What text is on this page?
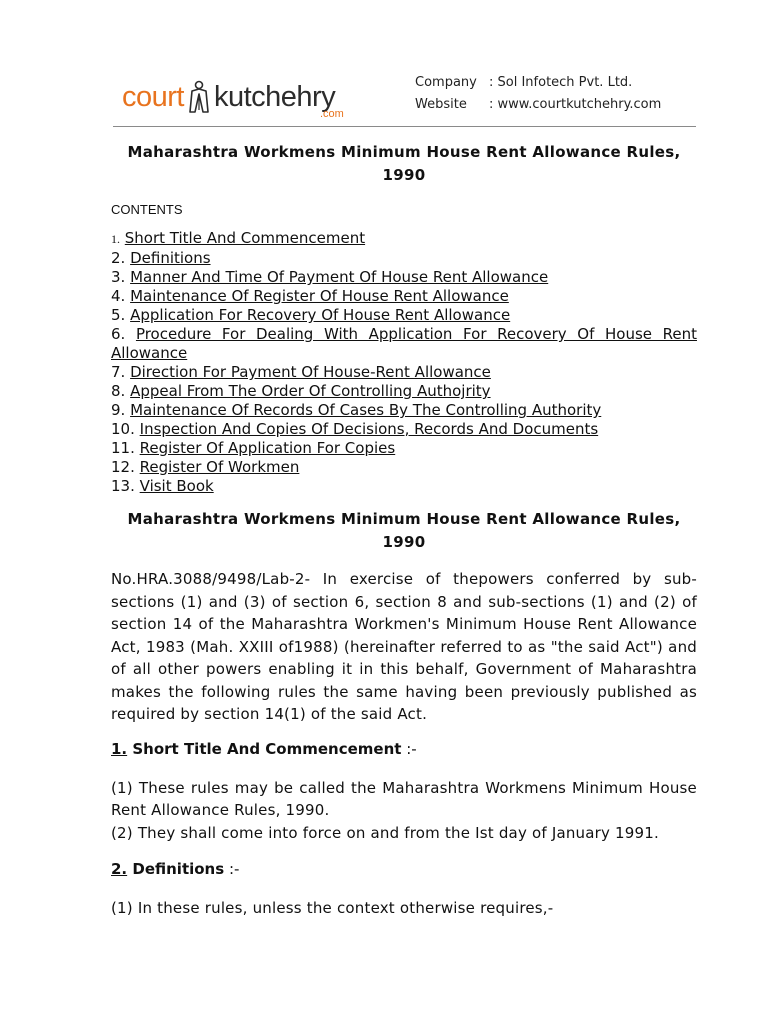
court kutchehry
.com
Company : Sol Infotech Pvt. Ltd.
Website : www.courtkutchehry.com
Maharashtra Workmens Minimum House Rent Allowance Rules, 1990
CONTENTS
1. Short Title And Commencement
2. Definitions
3. Manner And Time Of Payment Of House Rent Allowance
4. Maintenance Of Register Of House Rent Allowance
5. Application For Recovery Of House Rent Allowance
6. Procedure For Dealing With Application For Recovery Of House Rent Allowance
7. Direction For Payment Of House-Rent Allowance
8. Appeal From The Order Of Controlling Authojrity
9. Maintenance Of Records Of Cases By The Controlling Authority
10. Inspection And Copies Of Decisions, Records And Documents
11. Register Of Application For Copies
12. Register Of Workmen
13. Visit Book
Maharashtra Workmens Minimum House Rent Allowance Rules, 1990

No.HRA.3088/9498/Lab-2- In exercise of thepowers conferred by sub-sections (1) and (3) of section 6, section 8 and sub-sections (1) and (2) of section 14 of the Maharashtra Workmen's Minimum House Rent Allowance Act, 1983 (Mah. XXIII of1988) (hereinafter referred to as "the said Act") and of all other powers enabling it in this behalf, Government of Maharashtra makes the following rules the same having been previously published as required by section 14(1) of the said Act.

1. Short Title And Commencement :-

(1) These rules may be called the Maharashtra Workmens Minimum House Rent Allowance Rules, 1990.
(2) They shall come into force on and from the Ist day of January 1991.

2. Definitions :-

(1) In these rules, unless the context otherwise requires,-
